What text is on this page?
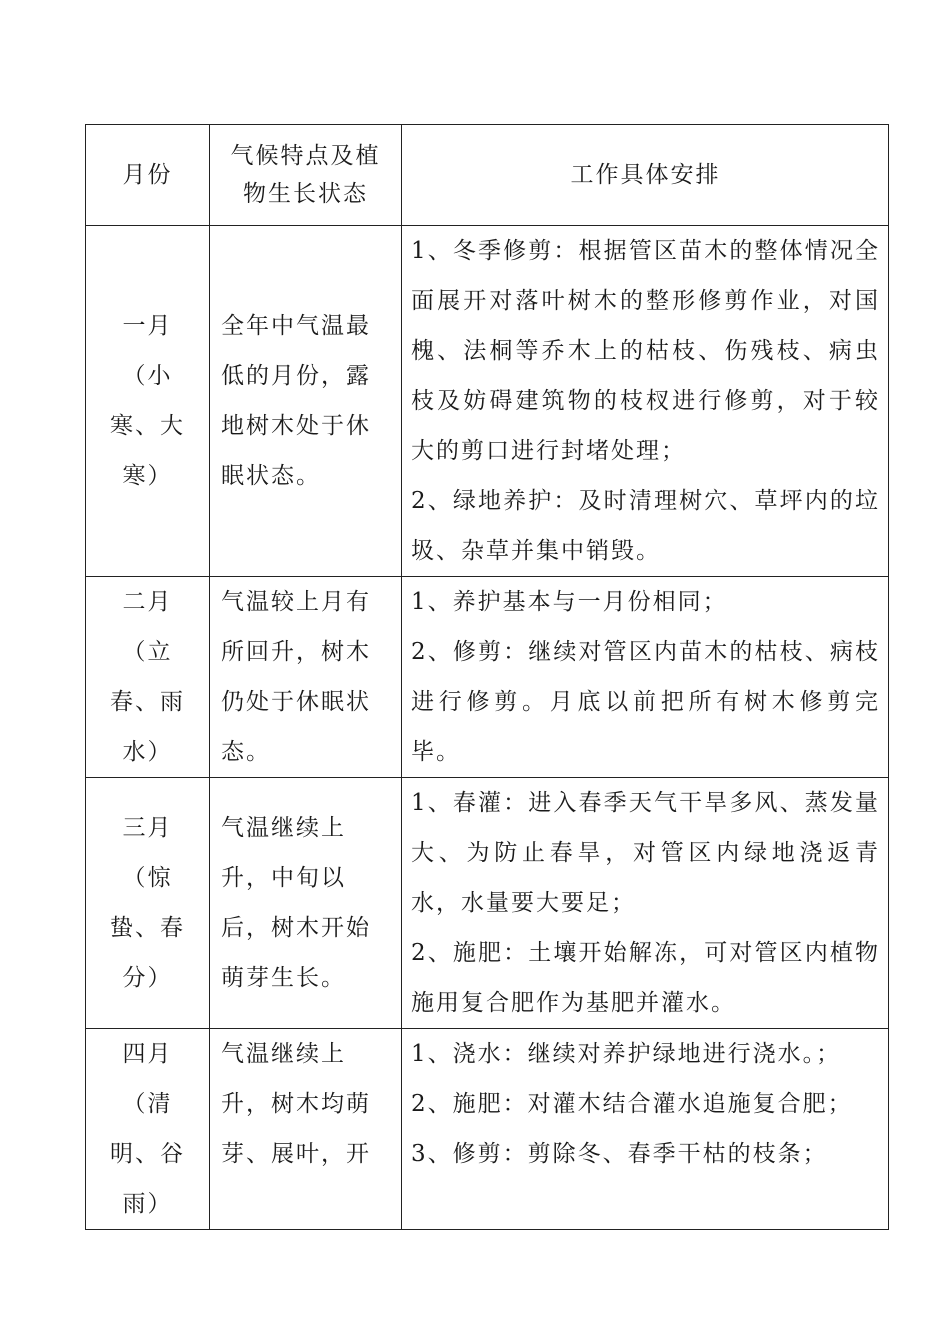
月份	气候特点及植物生长状态	工作具体安排
一月（小寒、大寒）	全年中气温最低的月份，露地树木处于休眠状态。	1、冬季修剪：根据管区苗木的整体情况全面展开对落叶树木的整形修剪作业，对国槐、法桐等乔木上的枯枝、伤残枝、病虫枝及妨碍建筑物的枝杈进行修剪，对于较大的剪口进行封堵处理；
2、绿地养护：及时清理树穴、草坪内的垃圾、杂草并集中销毁。

二月（立春、雨水）	气温较上月有所回升，树木仍处于休眠状态。	1、养护基本与一月份相同；
2、修剪：继续对管区内苗木的枯枝、病枝进行修剪。月底以前把所有树木修剪完毕。

三月（惊蛰、春分）	气温继续上升，中旬以后，树木开始萌芽生长。	1、春灌：进入春季天气干旱多风、蒸发量大、为防止春旱，对管区内绿地浇返青水，水量要大要足；
2、施肥：土壤开始解冻，可对管区内植物施用复合肥作为基肥并灌水。

四月（清明、谷雨）	气温继续上升，树木均萌芽、展叶，开	1、浇水：继续对养护绿地进行浇水。；
2、施肥：对灌木结合灌水追施复合肥；
3、修剪：剪除冬、春季干枯的枝条；
